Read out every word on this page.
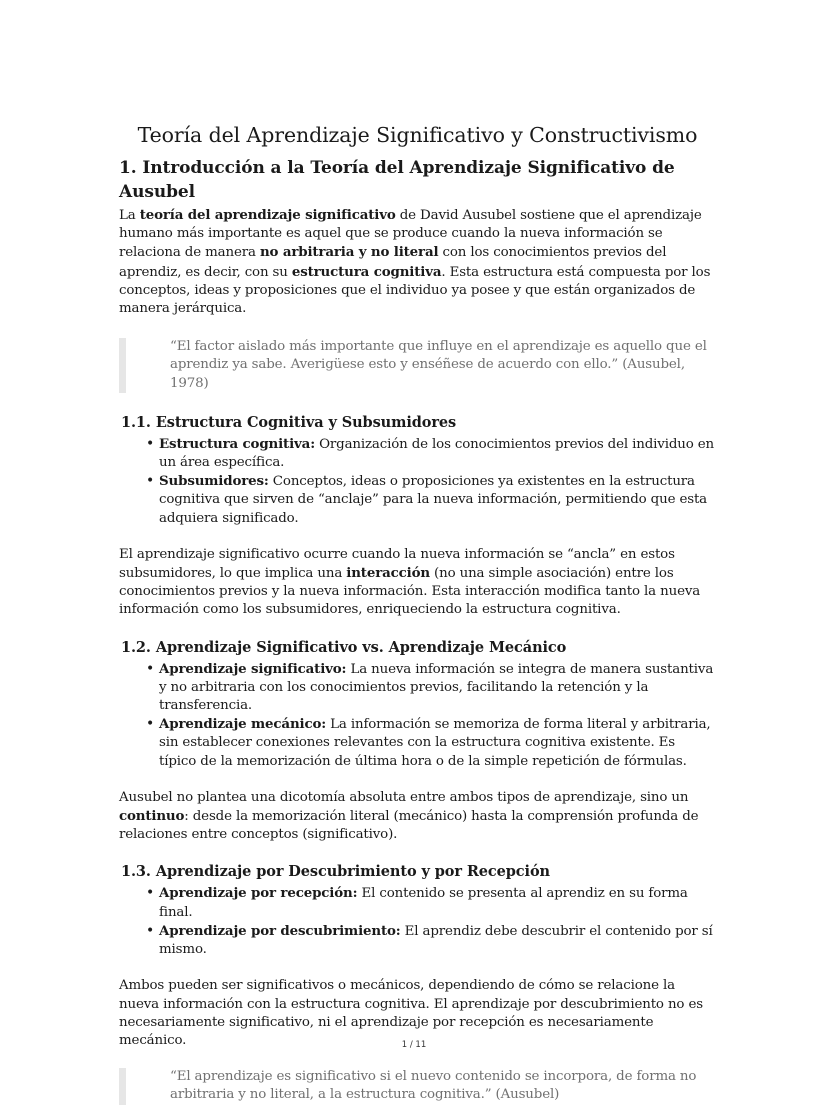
Teoría del Aprendizaje Significativo y Constructivismo
1. Introducción a la Teoría del Aprendizaje Significativo de Ausubel

La teoría del aprendizaje significativo de David Ausubel sostiene que el aprendizaje humano más importante es aquel que se produce cuando la nueva información se relaciona de manera no arbitraria y no literal con los conocimientos previos del aprendiz, es decir, con su estructura cognitiva. Esta estructura está compuesta por los conceptos, ideas y proposiciones que el individuo ya posee y que están organizados de manera jerárquica.

“El factor aislado más importante que influye en el aprendizaje es aquello que el aprendiz ya sabe. Averigüese esto y enséñese de acuerdo con ello.” (Ausubel, 1978)

1.1. Estructura Cognitiva y Subsumidores
• Estructura cognitiva: Organización de los conocimientos previos del individuo en un área específica.
• Subsumidores: Conceptos, ideas o proposiciones ya existentes en la estructura cognitiva que sirven de “anclaje” para la nueva información, permitiendo que esta adquiera significado.

El aprendizaje significativo ocurre cuando la nueva información se “ancla” en estos subsumidores, lo que implica una interacción (no una simple asociación) entre los conocimientos previos y la nueva información. Esta interacción modifica tanto la nueva información como los subsumidores, enriqueciendo la estructura cognitiva.

1.2. Aprendizaje Significativo vs. Aprendizaje Mecánico
• Aprendizaje significativo: La nueva información se integra de manera sustantiva y no arbitraria con los conocimientos previos, facilitando la retención y la transferencia.
• Aprendizaje mecánico: La información se memoriza de forma literal y arbitraria, sin establecer conexiones relevantes con la estructura cognitiva existente. Es típico de la memorización de última hora o de la simple repetición de fórmulas.

Ausubel no plantea una dicotomía absoluta entre ambos tipos de aprendizaje, sino un continuo: desde la memorización literal (mecánico) hasta la comprensión profunda de relaciones entre conceptos (significativo).

1.3. Aprendizaje por Descubrimiento y por Recepción
• Aprendizaje por recepción: El contenido se presenta al aprendiz en su forma final.
• Aprendizaje por descubrimiento: El aprendiz debe descubrir el contenido por sí mismo.

Ambos pueden ser significativos o mecánicos, dependiendo de cómo se relacione la nueva información con la estructura cognitiva. El aprendizaje por descubrimiento no es necesariamente significativo, ni el aprendizaje por recepción es necesariamente mecánico.

“El aprendizaje es significativo si el nuevo contenido se incorpora, de forma no arbitraria y no literal, a la estructura cognitiva.” (Ausubel)

1 / 11
